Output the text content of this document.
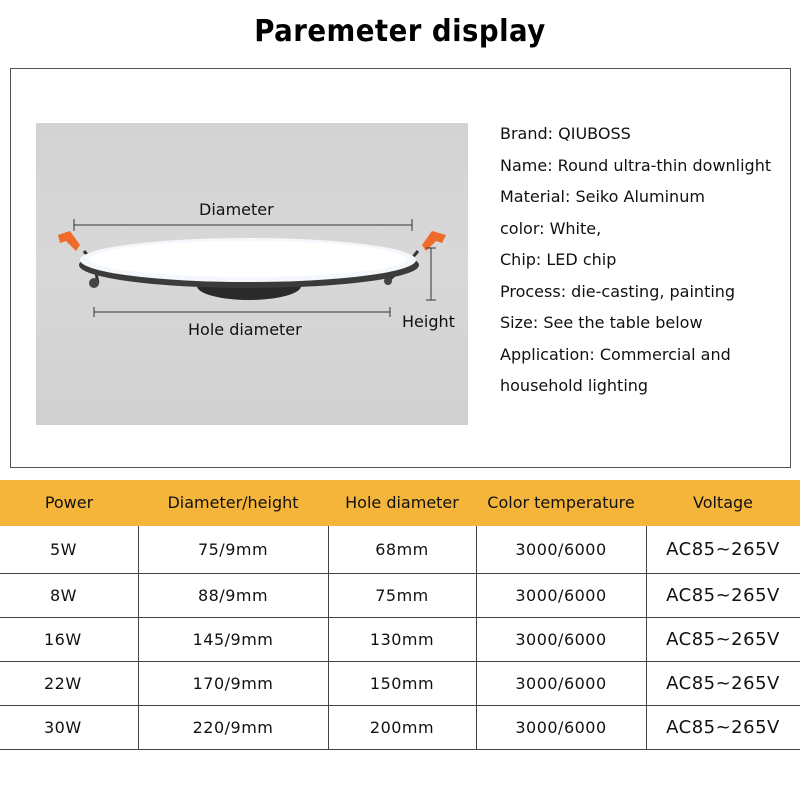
Paremeter display
Diameter
Hole diameter	Height
Brand: QIUBOSS
Name: Round ultra-thin downlight
Material: Seiko Aluminum
color: White,
Chip: LED chip
Process: die-casting, painting
Size: See the table below
Application: Commercial and
household lighting
Power	Diameter/height	Hole diameter	Color temperature	Voltage
5W	75/9mm	68mm	3000/6000	AC85~265V
8W	88/9mm	75mm	3000/6000	AC85~265V
16W	145/9mm	130mm	3000/6000	AC85~265V
22W	170/9mm	150mm	3000/6000	AC85~265V
30W	220/9mm	200mm	3000/6000	AC85~265V
